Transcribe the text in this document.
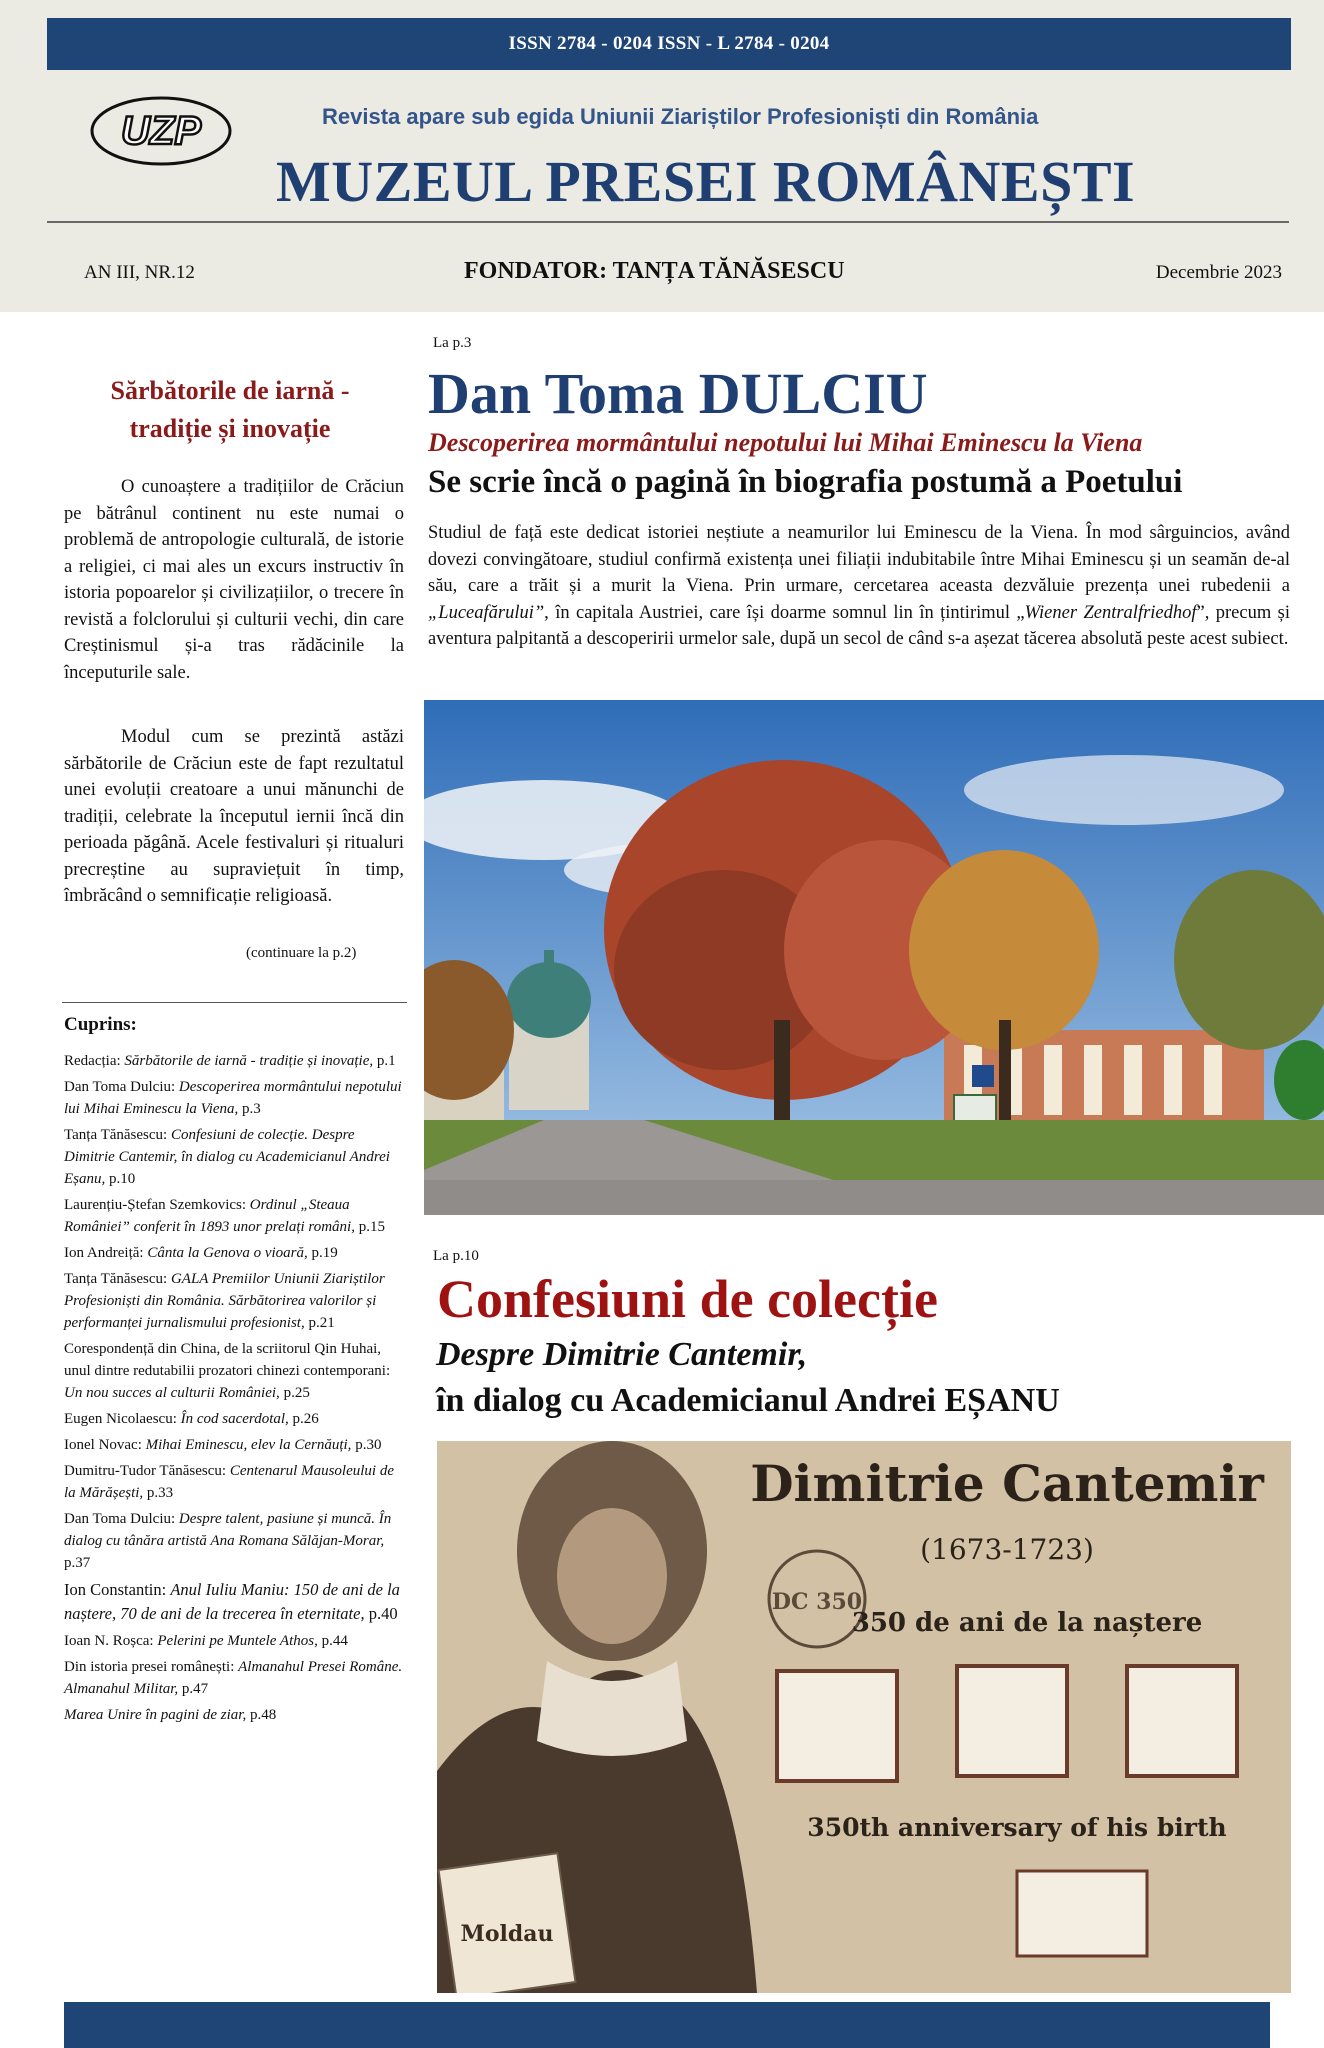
ISSN 2784 - 0204 ISSN - L 2784 - 0204
UZP	Revista apare sub egida Uniunii Ziariștilor Profesioniști din România
MUZEUL PRESEI ROMÂNEȘTI
AN III, NR.12	FONDATOR: TANȚA TĂNĂSESCU	Decembrie 2023
Sărbătorile de iarnă -
tradiție și inovație

O cunoaștere a tradițiilor de Crăciun pe bătrânul continent nu este numai o problemă de antropologie culturală, de istorie a religiei, ci mai ales un excurs instructiv în istoria popoarelor și civilizațiilor, o trecere în revistă a folclorului și culturii vechi, din care Creștinismul și-a tras rădăcinile la începuturile sale.

Modul cum se prezintă astăzi sărbătorile de Crăciun este de fapt rezultatul unei evoluții creatoare a unui mănunchi de tradiții, celebrate la începutul iernii încă din perioada păgână. Acele festivaluri și ritualuri precreștine au supraviețuit în timp, îmbrăcând o semnificație religioasă.

(continuare la p.2)
Cuprins:

Redacția: Sărbătorile de iarnă - tradiție și inovație, p.1

Dan Toma Dulciu: Descoperirea mormântului nepotului lui Mihai Eminescu la Viena, p.3

Tanța Tănăsescu: Confesiuni de colecție. Despre Dimitrie Cantemir, în dialog cu Academicianul Andrei Eșanu, p.10

Laurențiu-Ștefan Szemkovics: Ordinul „Steaua României” conferit în 1893 unor prelați români, p.15

Ion Andreiță: Cânta la Genova o vioară, p.19

Tanța Tănăsescu: GALA Premiilor Uniunii Ziariștilor Profesioniști din România. Sărbătorirea valorilor și performanței jurnalismului profesionist, p.21

Corespondență din China, de la scriitorul Qin Huhai, unul dintre redutabilii prozatori chinezi contemporani: Un nou succes al culturii României, p.25

Eugen Nicolaescu: În cod sacerdotal, p.26

Ionel Novac: Mihai Eminescu, elev la Cernăuți, p.30

Dumitru-Tudor Tănăsescu: Centenarul Mausoleului de la Mărășești, p.33

Dan Toma Dulciu: Despre talent, pasiune și muncă. În dialog cu tânăra artistă Ana Romana Sălăjan-Morar, p.37

Ion Constantin: Anul Iuliu Maniu: 150 de ani de la naștere, 70 de ani de la trecerea în eternitate, p.40

Ioan N. Roșca: Pelerini pe Muntele Athos, p.44

Din istoria presei românești: Almanahul Presei Române. Almanahul Militar, p.47

Marea Unire în pagini de ziar, p.48

La p.3
Dan Toma DULCIU
Descoperirea mormântului nepotului lui Mihai Eminescu la Viena
Se scrie încă o pagină în biografia postumă a Poetului

Studiul de față este dedicat istoriei neștiute a neamurilor lui Eminescu de la Viena. În mod sârguincios, având dovezi convingătoare, studiul confirmă existența unei filiații indubitabile între Mihai Eminescu și un seamăn de-al său, care a trăit și a murit la Viena. Prin urmare, cercetarea aceasta dezvăluie prezența unei rubedenii a „Luceafărului”, în capitala Austriei, care își doarme somnul lin în țintirimul „Wiener Zentralfriedhof”, precum și aventura palpitantă a descoperirii urmelor sale, după un secol de când s-a așezat tăcerea absolută peste acest subiect.

La p.10
Confesiuni de colecție
Despre Dimitrie Cantemir,
în dialog cu Academicianul Andrei EȘANU
Moldau
Dimitrie Cantemir
(1673-1723)
DC 350
350 de ani de la naștere
350th anniversary of his birth
